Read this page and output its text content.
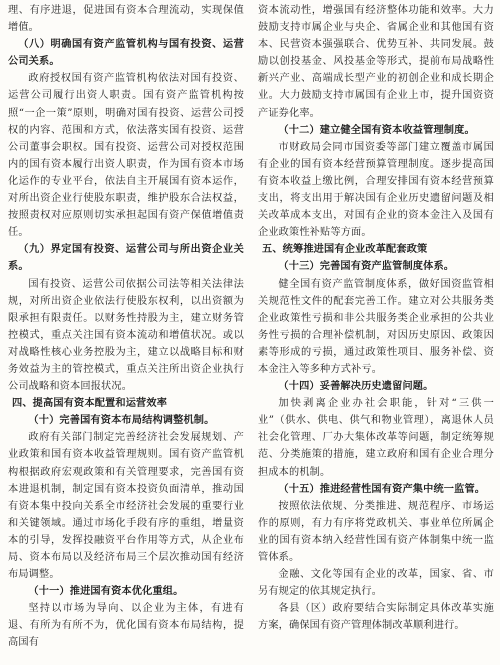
理、有序进退，促进国有资本合理流动，实现保值增值。

（八）明确国有资产监管机构与国有投资、运营公司关系。

政府授权国有资产监管机构依法对国有投资、运营公司履行出资人职责。国有资产监管机构按照“一企一策”原则，明确对国有投资、运营公司授权的内容、范围和方式，依法落实国有投资、运营公司董事会职权。国有投资、运营公司对授权范围内的国有资本履行出资人职责，作为国有资本市场化运作的专业平台，依法自主开展国有资本运作，对所出资企业行使股东职责，维护股东合法权益，按照责权对应原则切实承担起国有资产保值增值责任。

（九）界定国有投资、运营公司与所出资企业关系。

国有投资、运营公司依据公司法等相关法律法规，对所出资企业依法行使股东权利，以出资额为限承担有限责任。以财务性持股为主，建立财务管控模式，重点关注国有资本流动和增值状况。或以对战略性核心业务控股为主，建立以战略目标和财务效益为主的管控模式，重点关注所出资企业执行公司战略和资本回报状况。

四、提高国有资本配置和运营效率

（十）完善国有资本布局结构调整机制。

政府有关部门制定完善经济社会发展规划、产业政策和国有资本收益管理规则。国有资产监管机构根据政府宏观政策和有关管理要求，完善国有资本进退机制，制定国有资本投资负面清单，推动国有资本集中投向关系全市经济社会发展的重要行业和关键领域。通过市场化手段有序的重组，增量资本的引导，发挥投融资平台作用等方式，从企业布局、资本布局以及经济布局三个层次推动国有经济布局调整。

（十一）推进国有资本优化重组。

坚持以市场为导向、以企业为主体，有进有退、有所为有所不为，优化国有资本布局结构，提高国有

资本流动性，增强国有经济整体功能和效率。大力鼓励支持市属企业与央企、省属企业和其他国有资本、民营资本强强联合、优势互补、共同发展。鼓励以创投基金、风投基金等形式，提前布局战略性新兴产业、高端成长型产业的初创企业和成长期企业。大力鼓励支持市属国有企业上市，提升国资资产证券化率。

（十二）建立健全国有资本收益管理制度。

市财政局会同市国资委等部门建立覆盖市属国有企业的国有资本经营预算管理制度。逐步提高国有资本收益上缴比例，合理安排国有资本经营预算支出，将支出用于解决国有企业历史遗留问题及相关改革成本支出，对国有企业的资本金注入及国有企业政策性补贴等方面。

五、统筹推进国有企业改革配套政策

（十三）完善国有资产监管制度体系。

健全国有资产监管制度体系，做好国资监管相关规范性文件的配套完善工作。建立对公共服务类企业政策性亏损和非公共服务类企业承担的公共业务性亏损的合理补偿机制，对因历史原因、政策因素等形成的亏损，通过政策性项目、服务补偿、资本金注入等多种方式补亏。

（十四）妥善解决历史遗留问题。

加快剥离企业办社会职能，针对“三供一业”（供水、供电、供气和物业管理），离退休人员社会化管理、厂办大集体改革等问题，制定统筹规范、分类施策的措施，建立政府和国有企业合理分担成本的机制。

（十五）推进经营性国有资产集中统一监管。

按照依法依规、分类推进、规范程序、市场运作的原则，有力有序将党政机关、事业单位所属企业的国有资本纳入经营性国有资产体制集中统一监管体系。

金融、文化等国有企业的改革，国家、省、市另有规定的依其规定执行。

各县（区）政府要结合实际制定具体改革实施方案，确保国有资产管理体制改革顺利进行。
